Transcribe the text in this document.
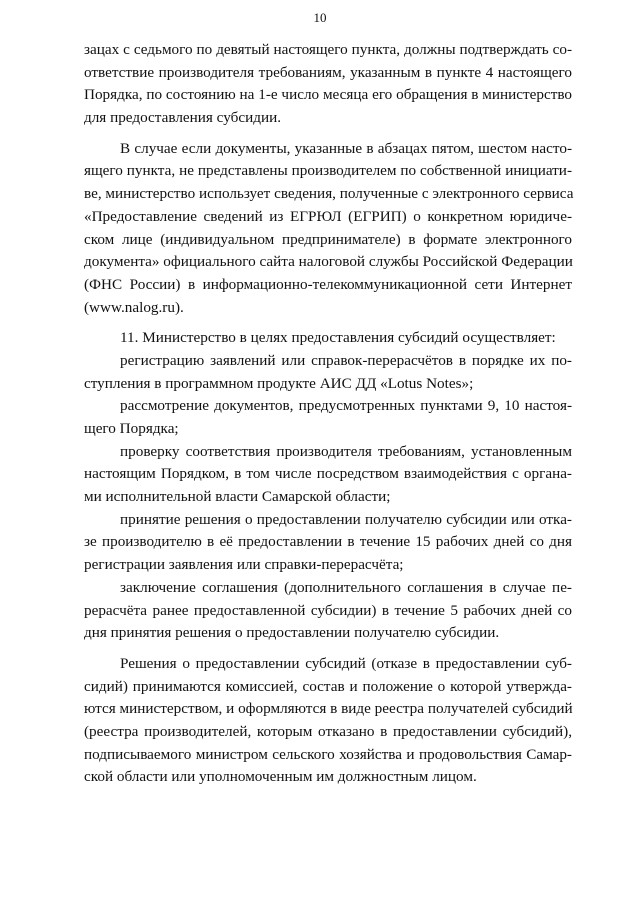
10
зацах с седьмого по девятый настоящего пункта, должны подтверждать со-
ответствие производителя требованиям, указанным в пункте 4 настоящего
Порядка, по состоянию на 1-е число месяца его обращения в министерство
для предоставления субсидии.
В случае если документы, указанные в абзацах пятом, шестом насто-
ящего пункта, не представлены производителем по собственной инициати-
ве, министерство использует сведения, полученные с электронного сервиса
«Предоставление сведений из ЕГРЮЛ (ЕГРИП) о конкретном юридиче-
ском лице (индивидуальном предпринимателе) в формате электронного
документа» официального сайта налоговой службы Российской Федерации
(ФНС России) в информационно-телекоммуникационной сети Интернет
(www.nalog.ru).
11. Министерство в целях предоставления субсидий осуществляет:
регистрацию заявлений или справок-перерасчётов в порядке их по-
ступления в программном продукте АИС ДД «Lotus Notes»;
рассмотрение документов, предусмотренных пунктами 9, 10 настоя-
щего Порядка;
проверку соответствия производителя требованиям, установленным
настоящим Порядком, в том числе посредством взаимодействия с органа-
ми исполнительной власти Самарской области;
принятие решения о предоставлении получателю субсидии или отка-
зе производителю в её предоставлении в течение 15 рабочих дней со дня
регистрации заявления или справки-перерасчёта;
заключение соглашения (дополнительного соглашения в случае пе-
рерасчёта ранее предоставленной субсидии) в течение 5 рабочих дней со
дня принятия решения о предоставлении получателю субсидии.
Решения о предоставлении субсидий (отказе в предоставлении суб-
сидий) принимаются комиссией, состав и положение о которой утвержда-
ются министерством, и оформляются в виде реестра получателей субсидий
(реестра производителей, которым отказано в предоставлении субсидий),
подписываемого министром сельского хозяйства и продовольствия Самар-
ской области или уполномоченным им должностным лицом.
